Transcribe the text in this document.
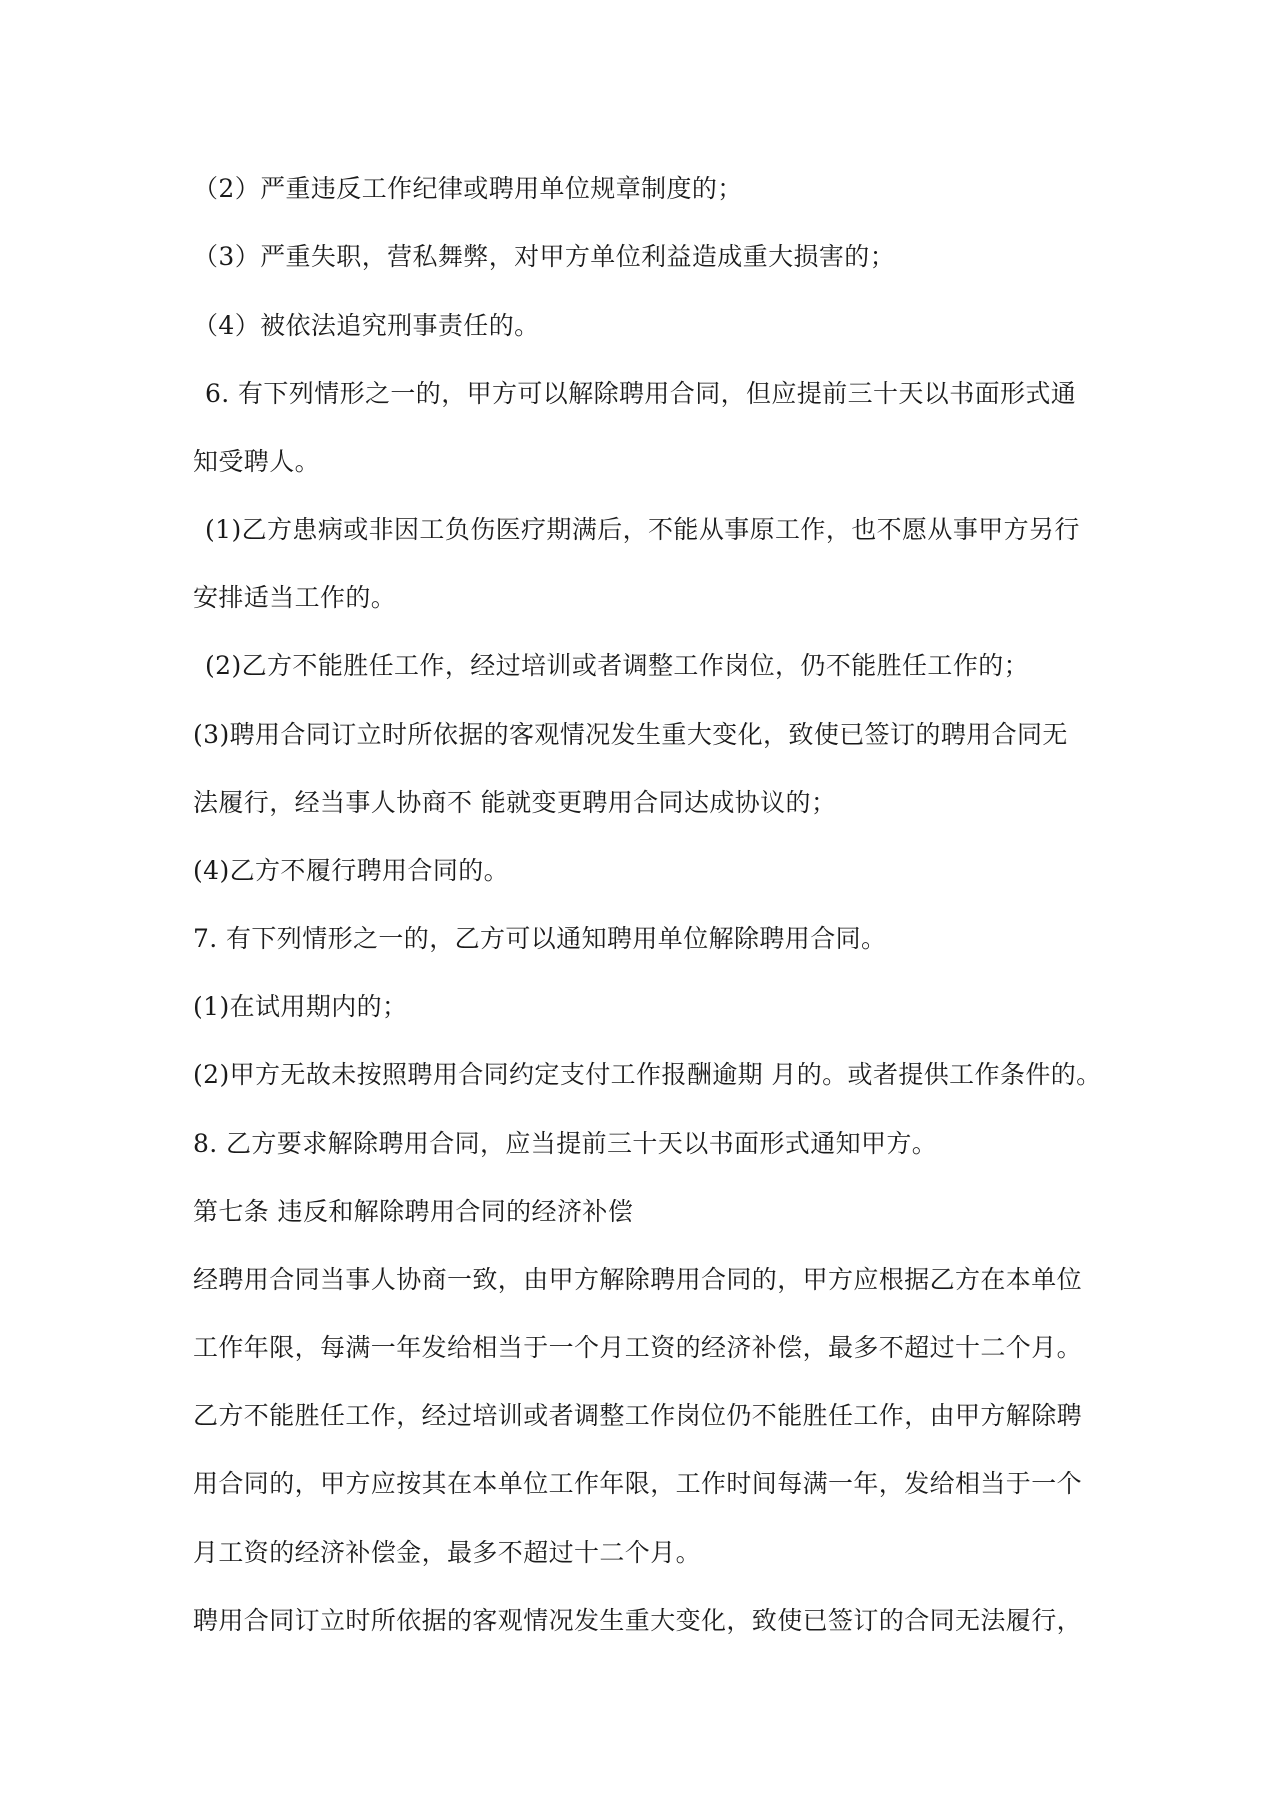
（2）严重违反工作纪律或聘用单位规章制度的；

（3）严重失职，营私舞弊，对甲方单位利益造成重大损害的；

（4）被依法追究刑事责任的。

6. 有下列情形之一的，甲方可以解除聘用合同，但应提前三十天以书面形式通

知受聘人。

(1)乙方患病或非因工负伤医疗期满后，不能从事原工作，也不愿从事甲方另行

安排适当工作的。

(2)乙方不能胜任工作，经过培训或者调整工作岗位，仍不能胜任工作的；

(3)聘用合同订立时所依据的客观情况发生重大变化，致使已签订的聘用合同无

法履行，经当事人协商不 能就变更聘用合同达成协议的；

(4)乙方不履行聘用合同的。

7. 有下列情形之一的，乙方可以通知聘用单位解除聘用合同。

(1)在试用期内的；

(2)甲方无故未按照聘用合同约定支付工作报酬逾期 月的。或者提供工作条件的。

8. 乙方要求解除聘用合同，应当提前三十天以书面形式通知甲方。

第七条 违反和解除聘用合同的经济补偿

经聘用合同当事人协商一致，由甲方解除聘用合同的，甲方应根据乙方在本单位

工作年限，每满一年发给相当于一个月工资的经济补偿，最多不超过十二个月。

乙方不能胜任工作，经过培训或者调整工作岗位仍不能胜任工作，由甲方解除聘

用合同的，甲方应按其在本单位工作年限，工作时间每满一年，发给相当于一个

月工资的经济补偿金，最多不超过十二个月。

聘用合同订立时所依据的客观情况发生重大变化，致使已签订的合同无法履行，
